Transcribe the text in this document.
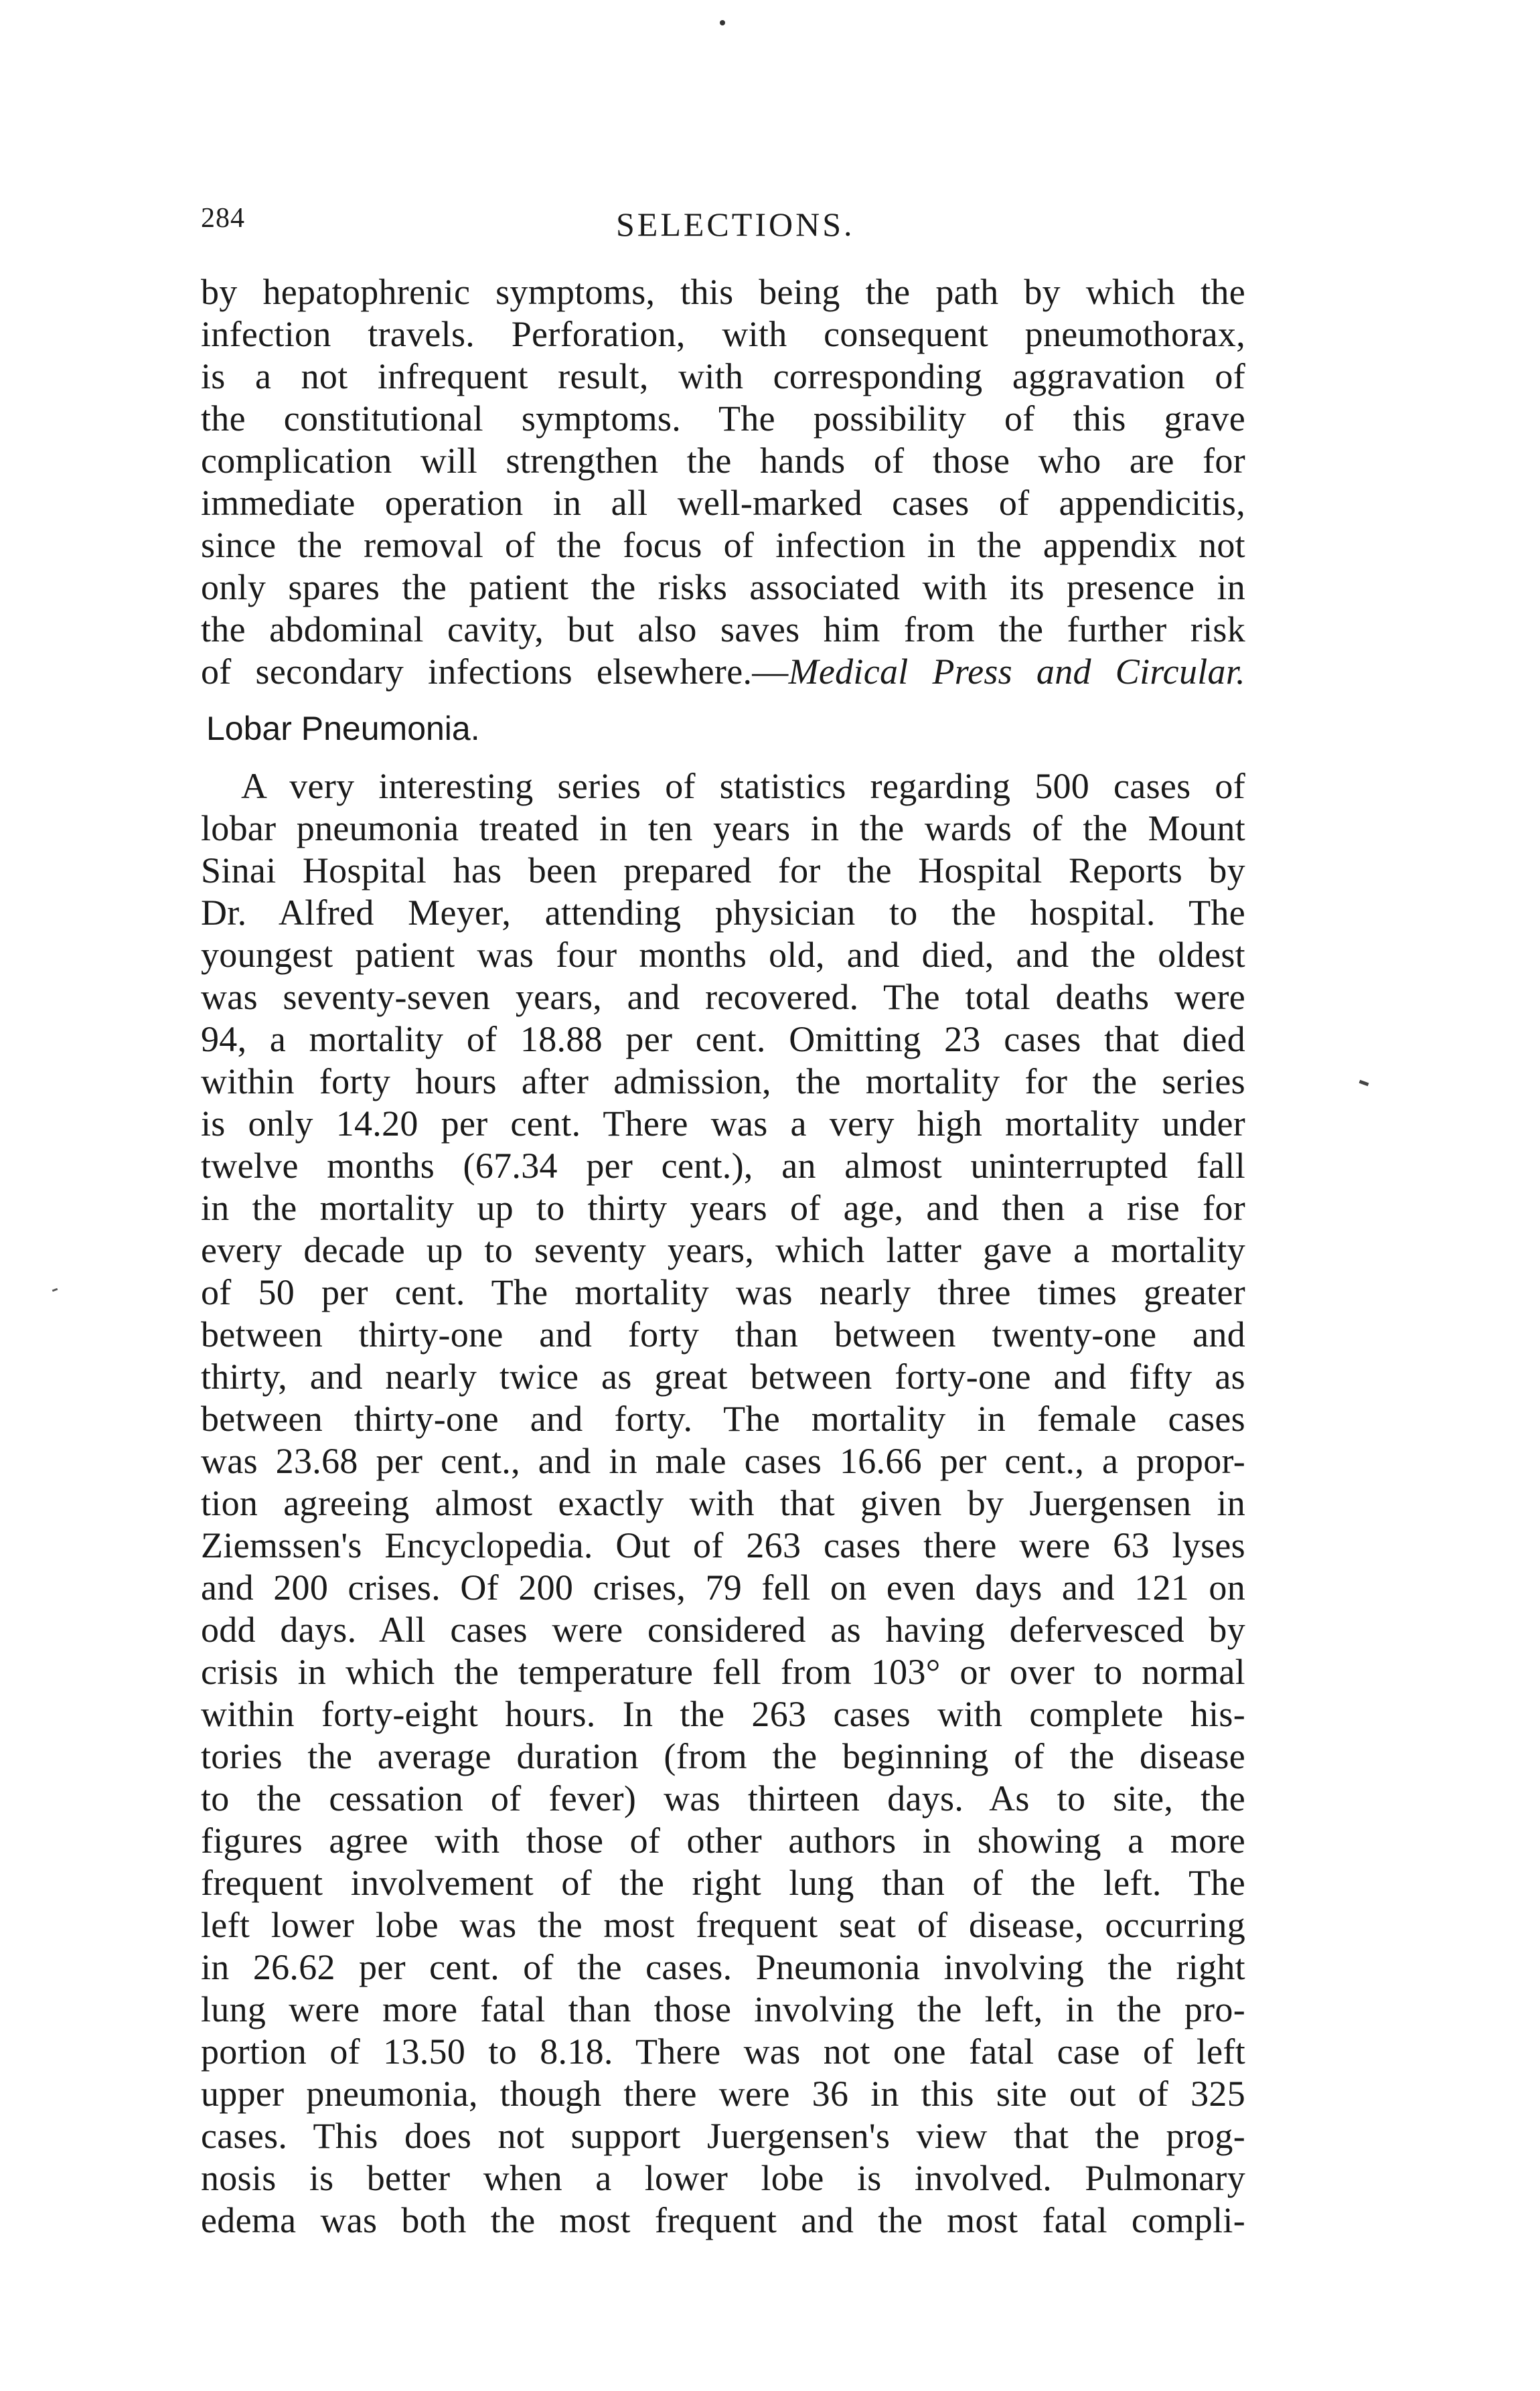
284	SELECTIONS.
by hepatophrenic symptoms, this being the path by which the
infection travels. Perforation, with consequent pneumothorax,
is a not infrequent result, with corresponding aggravation of
the constitutional symptoms. The possibility of this grave
complication will strengthen the hands of those who are for
immediate operation in all well-marked cases of appendicitis,
since the removal of the focus of infection in the appendix not
only spares the patient the risks associated with its presence in
the abdominal cavity, but also saves him from the further risk
of secondary infections elsewhere.—Medical Press and Circular.
Lobar Pneumonia.
A very interesting series of statistics regarding 500 cases of
lobar pneumonia treated in ten years in the wards of the Mount
Sinai Hospital has been prepared for the Hospital Reports by
Dr. Alfred Meyer, attending physician to the hospital. The
youngest patient was four months old, and died, and the oldest
was seventy-seven years, and recovered. The total deaths were
94, a mortality of 18.88 per cent. Omitting 23 cases that died
within forty hours after admission, the mortality for the series
is only 14.20 per cent. There was a very high mortality under
twelve months (67.34 per cent.), an almost uninterrupted fall
in the mortality up to thirty years of age, and then a rise for
every decade up to seventy years, which latter gave a mortality
of 50 per cent. The mortality was nearly three times greater
between thirty-one and forty than between twenty-one and
thirty, and nearly twice as great between forty-one and fifty as
between thirty-one and forty. The mortality in female cases
was 23.68 per cent., and in male cases 16.66 per cent., a propor-
tion agreeing almost exactly with that given by Juergensen in
Ziemssen's Encyclopedia. Out of 263 cases there were 63 lyses
and 200 crises. Of 200 crises, 79 fell on even days and 121 on
odd days. All cases were considered as having defervesced by
crisis in which the temperature fell from 103° or over to normal
within forty-eight hours. In the 263 cases with complete his-
tories the average duration (from the beginning of the disease
to the cessation of fever) was thirteen days. As to site, the
figures agree with those of other authors in showing a more
frequent involvement of the right lung than of the left. The
left lower lobe was the most frequent seat of disease, occurring
in 26.62 per cent. of the cases. Pneumonia involving the right
lung were more fatal than those involving the left, in the pro-
portion of 13.50 to 8.18. There was not one fatal case of left
upper pneumonia, though there were 36 in this site out of 325
cases. This does not support Juergensen's view that the prog-
nosis is better when a lower lobe is involved. Pulmonary
edema was both the most frequent and the most fatal compli-
